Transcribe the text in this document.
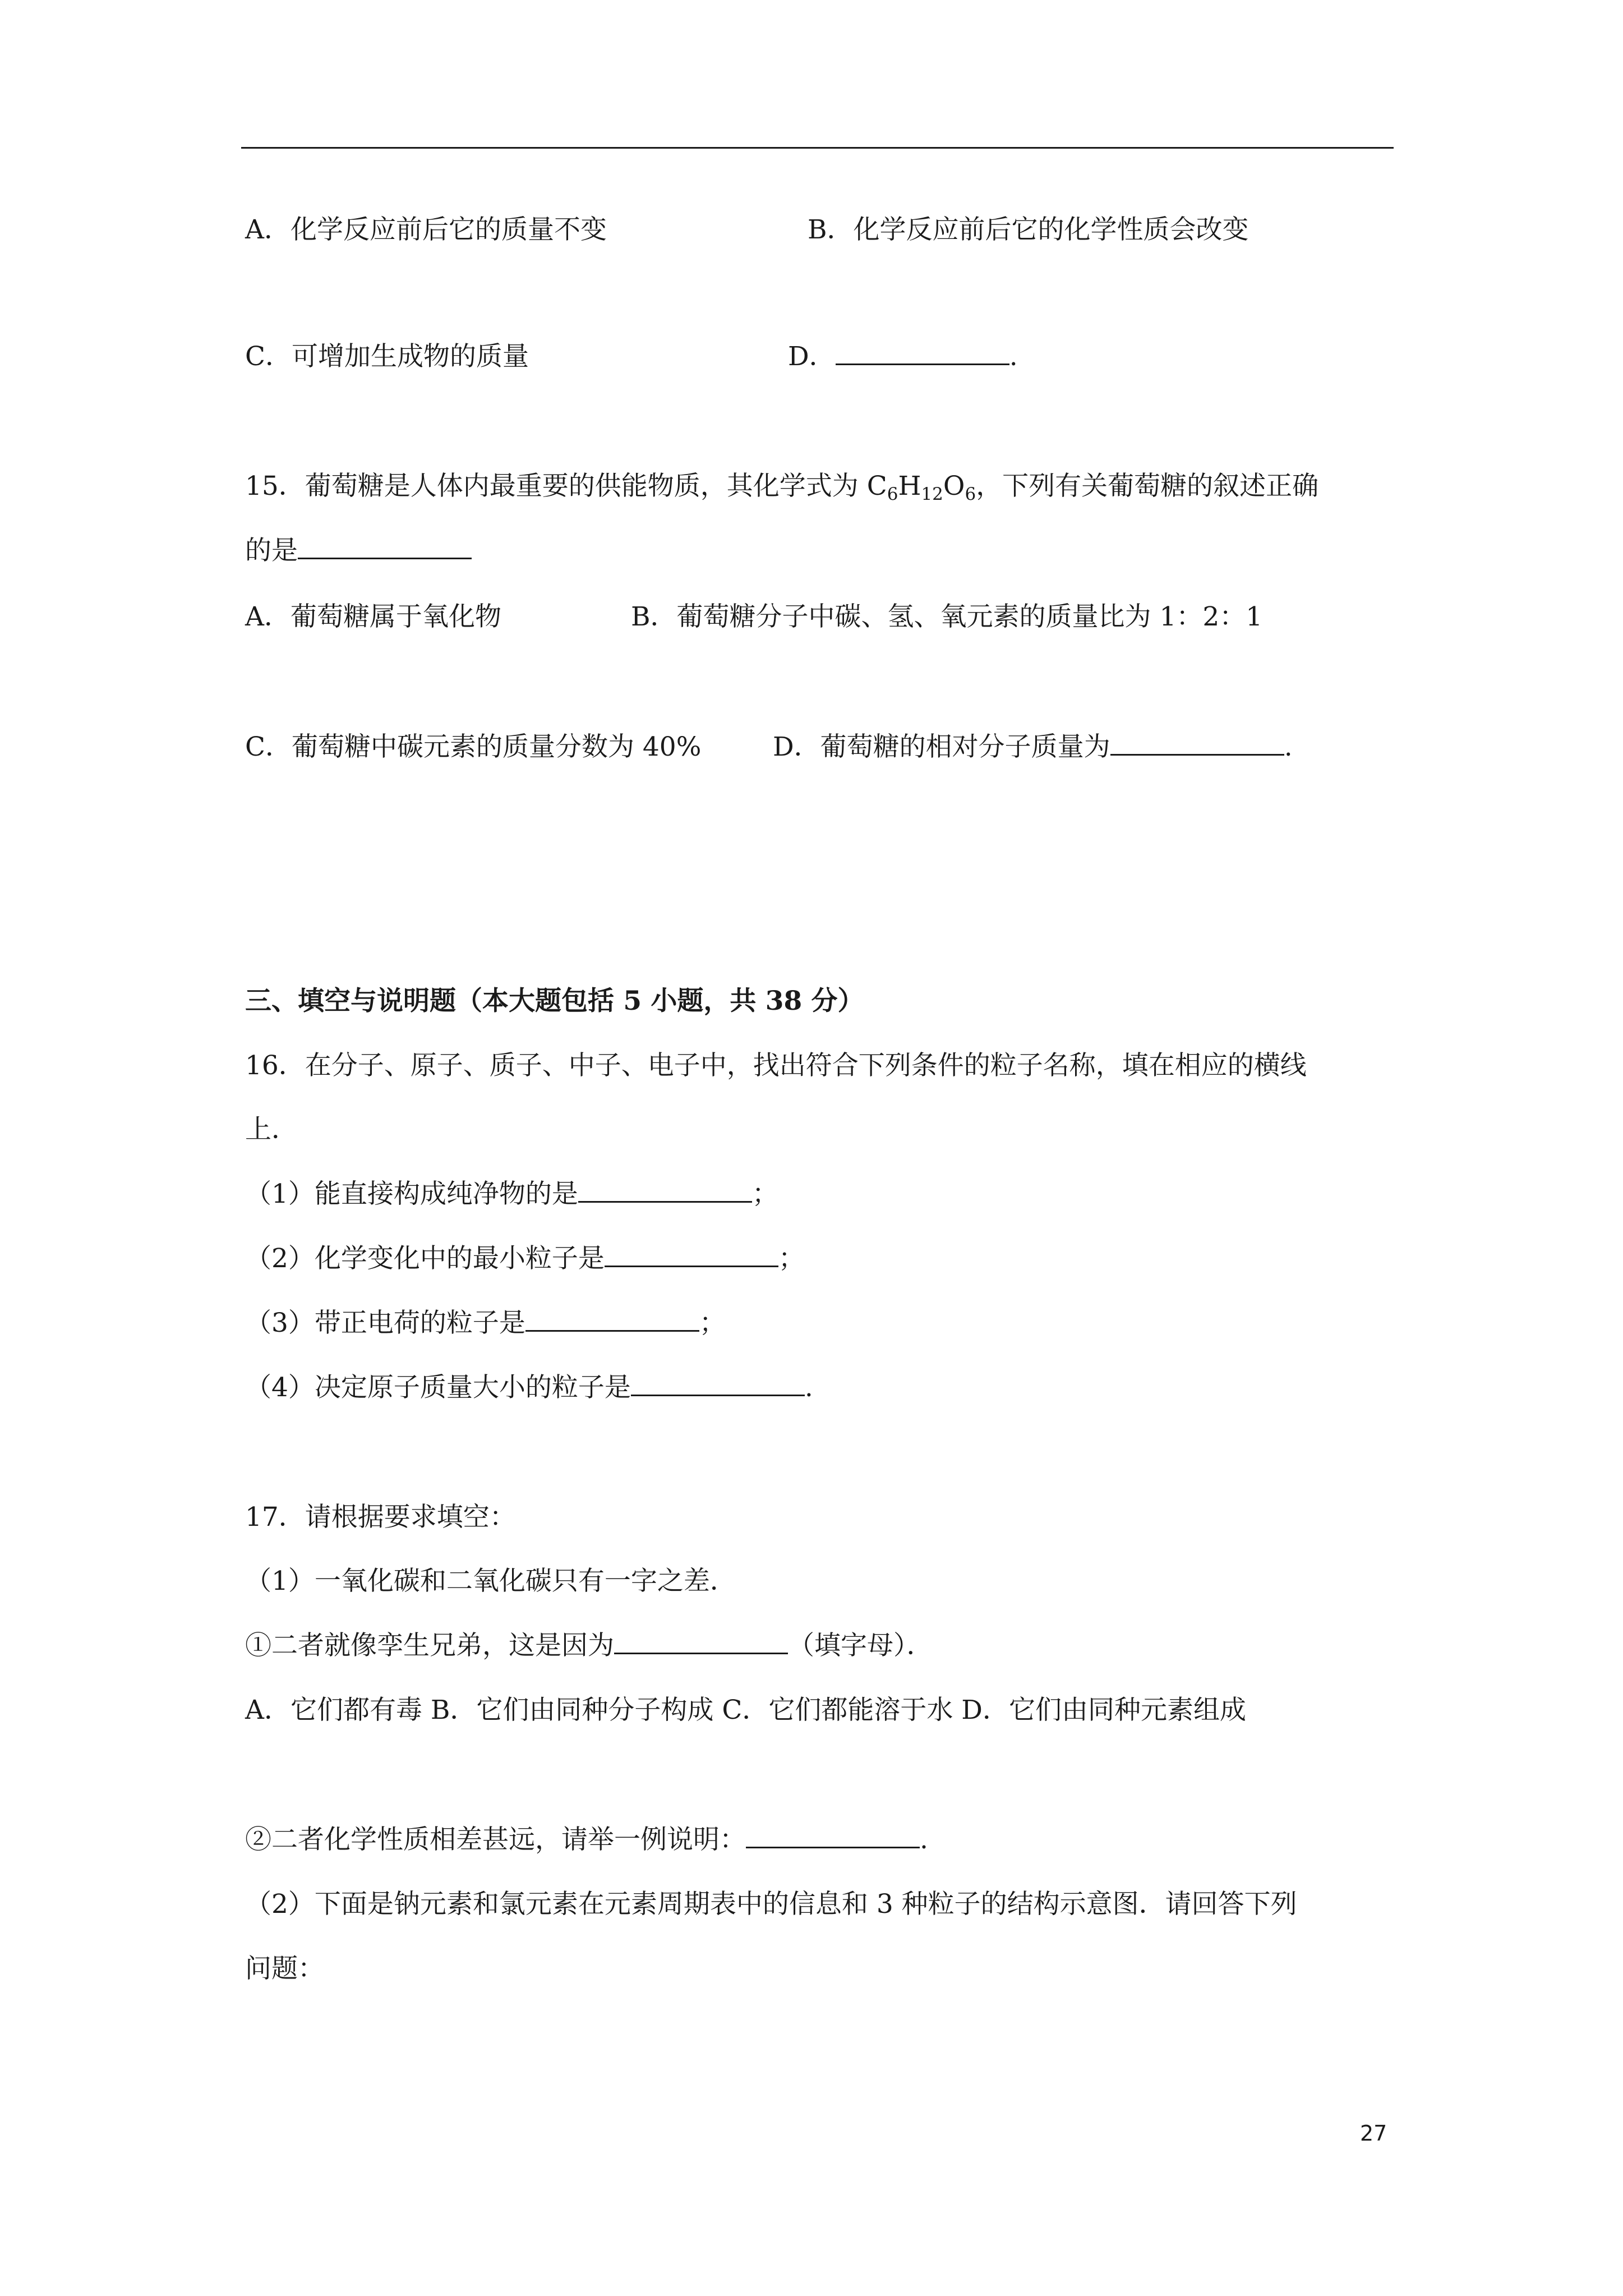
A．化学反应前后它的质量不变	B．化学反应前后它的化学性质会改变

C．可增加生成物的质量	D．	.

15．葡萄糖是人体内最重要的供能物质，其化学式为 $C_6H_{12}O_6$，下列有关葡萄糖的叙述正确

的是

A．葡萄糖属于氧化物	B．葡萄糖分子中碳、氢、氧元素的质量比为 1：2：1

C．葡萄糖中碳元素的质量分数为 40%	D．葡萄糖的相对分子质量为	.

三、填空与说明题（本大题包括 5 小题，共 38 分）

16．在分子、原子、质子、中子、电子中，找出符合下列条件的粒子名称，填在相应的横线

上．

（1）能直接构成纯净物的是	；

（2）化学变化中的最小粒子是	；

（3）带正电荷的粒子是	；

（4）决定原子质量大小的粒子是	.

17．请根据要求填空：

（1）一氧化碳和二氧化碳只有一字之差．

①二者就像孪生兄弟，这是因为	（填字母）．

A．它们都有毒 B．它们由同种分子构成 C．它们都能溶于水 D．它们由同种元素组成

②二者化学性质相差甚远，请举一例说明：	.

（2）下面是钠元素和氯元素在元素周期表中的信息和 3 种粒子的结构示意图．请回答下列

问题：

27
